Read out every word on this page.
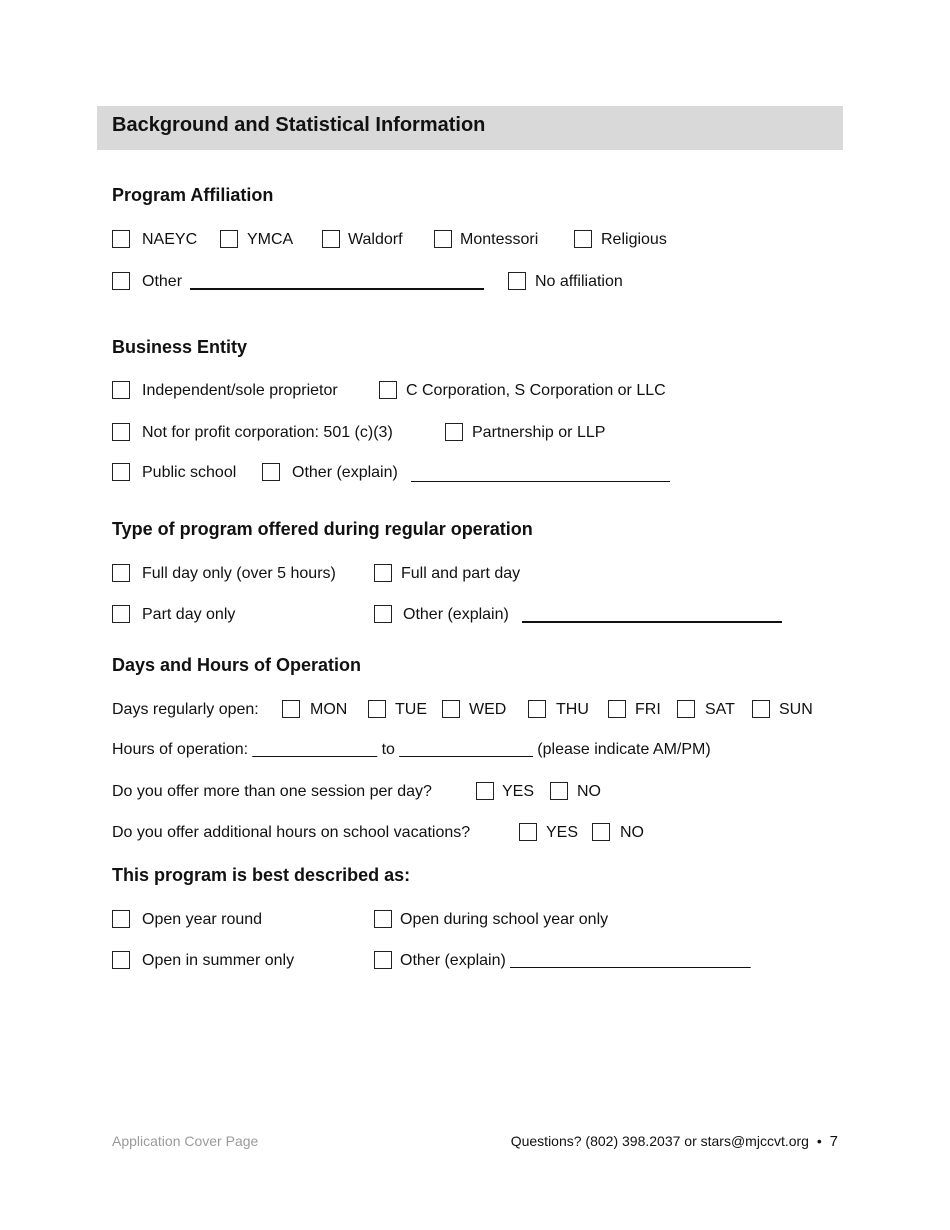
Background and Statistical Information
Program Affiliation
NAEYC	YMCA	Waldorf	Montessori	Religious
Other	No affiliation
Business Entity
Independent/sole proprietor	C Corporation, S Corporation or LLC
Not for profit corporation: 501 (c)(3)	Partnership or LLP
Public school	Other (explain)
Type of program offered during regular operation
Full day only (over 5 hours)	Full and part day
Part day only	Other (explain)
Days and Hours of Operation
Days regularly open:	MON	TUE	WED	THU	FRI	SAT	SUN
Hours of operation: ______________ to _______________ (please indicate AM/PM)
Do you offer more than one session per day?	YES	NO
Do you offer additional hours on school vacations?	YES	NO
This program is best described as:
Open year round	Open during school year only
Open in summer only	Other (explain) ___________________________
Application Cover Page	Questions? (802) 398.2037 or stars@mjccvt.org • 7
